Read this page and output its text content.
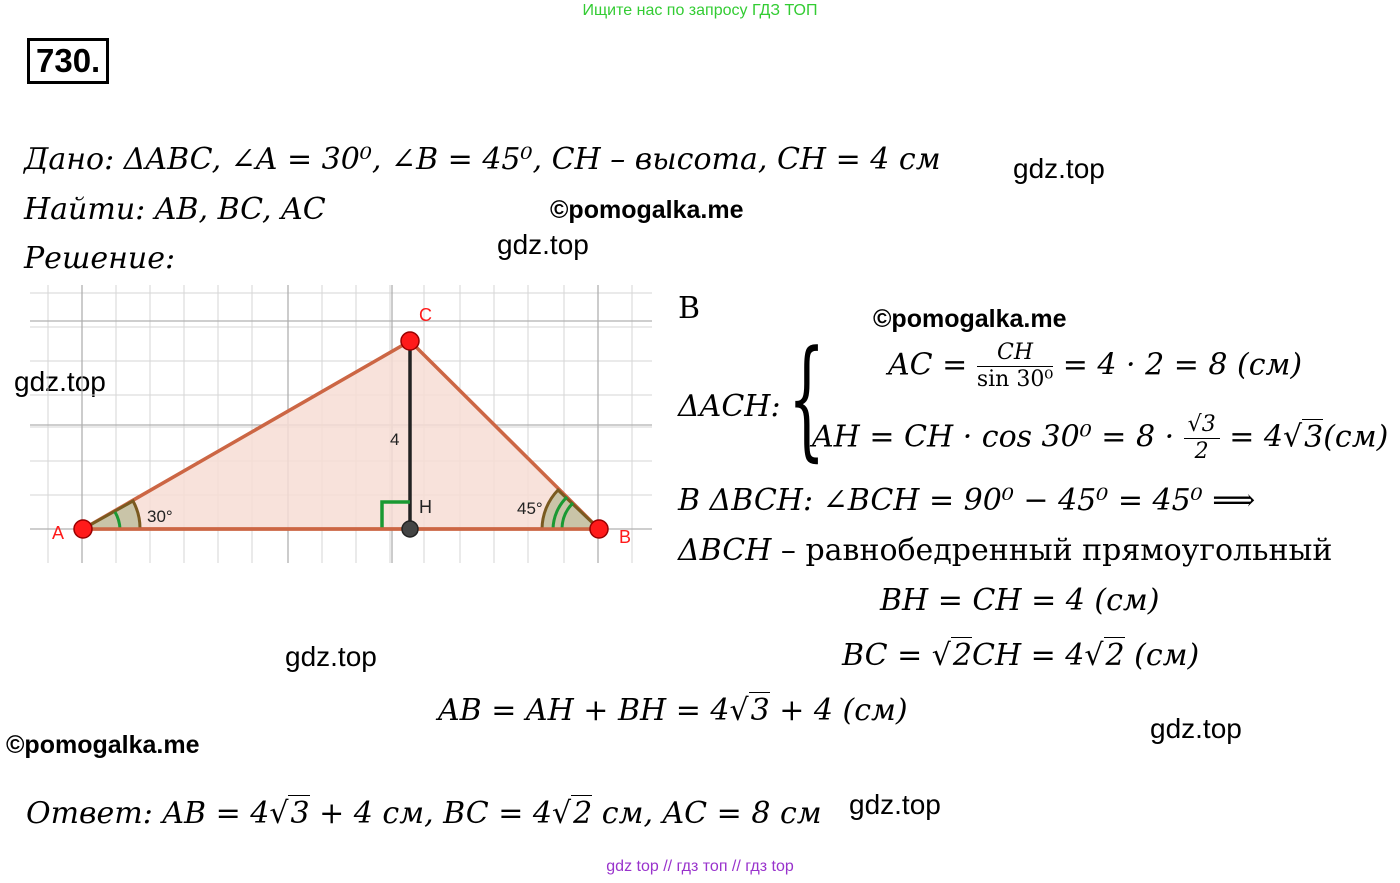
Ищите нас по запросу ГДЗ ТОП
730.
Дано: ΔABC, ∠A = 30⁰, ∠B = 45⁰, CH – высота, CH = 4 см
Найти: AB, BC, AC
Решение:
gdz.top
©pomogalka.me
gdz.top
©pomogalka.me
gdz.top
gdz.top
©pomogalka.me
gdz.top
gdz.top
A	B
C
H
4
30°	45°
В
ΔACH: { AC = $\frac{CH}{\text{sin 30⁰}} = 4 \cdot 2 = 8$ (см)
AH = CH · $\cos 30^0 = 8 \cdot \frac{√3}{2} = 4√3(см)$
В ΔBCH: ∠BCH = 90⁰ − 45⁰ = 45⁰ ⟹
ΔBCH – равнобедренный прямоугольный
BH = CH = 4 (см)
BC = √2CH = 4√2 (см)
AB = AH + BH = 4√3 + 4 (см)
Ответ: AB = 4√3 + 4 см, BC = 4√2 см, AC = 8 см
gdz top // гдз топ // гдз top
